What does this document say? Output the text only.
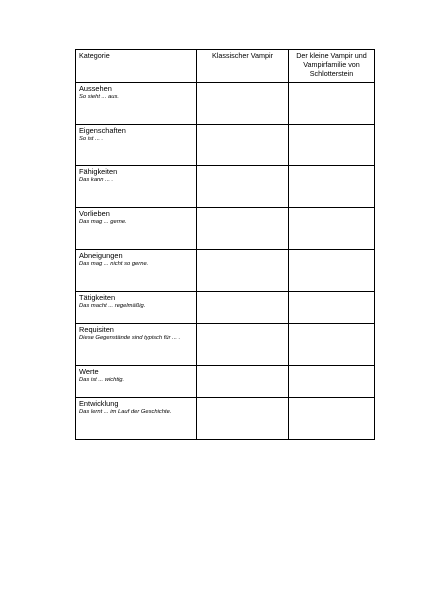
Kategorie	Klassischer Vampir	Der kleine Vampir und Vampirfamilie von Schlotterstein

Aussehen
So sieht ... aus.		

Eigenschaften
So ist ... .		

Fähigkeiten
Das kann ... .		

Vorlieben
Das mag ... gerne.		

Abneigungen
Das mag ... nicht so gerne.		

Tätigkeiten
Das macht ... regelmäßig.		

Requisiten
Diese Gegenstände sind typisch für ... .		

Werte
Das ist ... wichtig.		

Entwicklung
Das lernt ... im Lauf der Geschichte.		
